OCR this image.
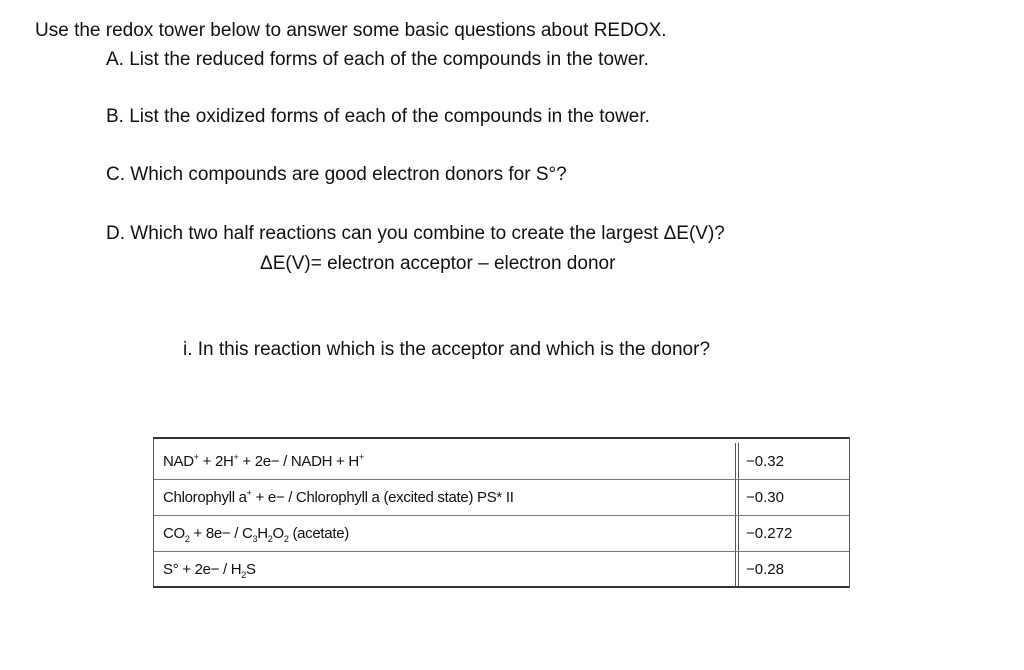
Use the redox tower below to answer some basic questions about REDOX.
A. List the reduced forms of each of the compounds in the tower.
B. List the oxidized forms of each of the compounds in the tower.
C. Which compounds are good electron donors for S°?
D. Which two half reactions can you combine to create the largest ΔE(V)?
ΔE(V)= electron acceptor – electron donor
i. In this reaction which is the acceptor and which is the donor?
NAD+ + 2H+ + 2e− / NADH + H+	−0.32
Chlorophyll a+ + e− / Chlorophyll a (excited state) PS* II	−0.30
$CO_2 + 8e- / C_3H_2O_2$ (acetate)	−0.272
$S^\circ + 2e- / H_2S$	−0.28
